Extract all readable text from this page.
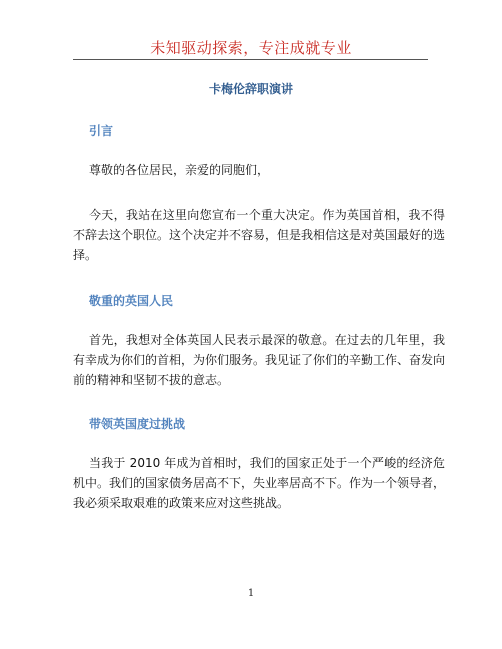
未知驱动探索，专注成就专业
卡梅伦辞职演讲
引言
尊敬的各位居民，亲爱的同胞们，
今天，我站在这里向您宣布一个重大决定。作为英国首相，我不得不辞去这个职位。这个决定并不容易，但是我相信这是对英国最好的选择。
敬重的英国人民
首先，我想对全体英国人民表示最深的敬意。在过去的几年里，我有幸成为你们的首相，为你们服务。我见证了你们的辛勤工作、奋发向前的精神和坚韧不拔的意志。
带领英国度过挑战
当我于 2010 年成为首相时，我们的国家正处于一个严峻的经济危机中。我们的国家债务居高不下，失业率居高不下。作为一个领导者，我必须采取艰难的政策来应对这些挑战。
1
